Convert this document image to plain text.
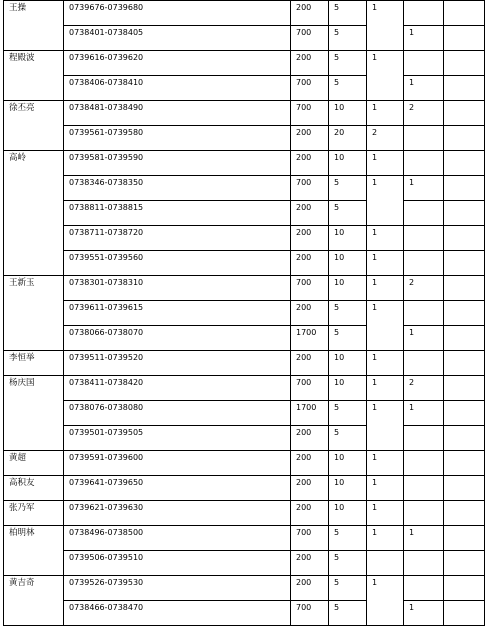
王操	0739676-0739680	200	5	1		
	0738401-0738405	700	5		1	
程殿波	0739616-0739620	200	5	1		
	0738406-0738410	700	5		1	
徐丕亮	0738481-0738490	700	10	1	2	
	0739561-0739580	200	20	2		
高岭	0739581-0739590	200	10	1		
	0738346-0738350	700	5	1	1	
	0738811-0738815	200	5			
	0738711-0738720	200	10	1		
	0739551-0739560	200	10	1		
王新玉	0738301-0738310	700	10	1	2	
	0739611-0739615	200	5	1		
	0738066-0738070	1700	5		1	
李恒举	0739511-0739520	200	10	1		
杨庆国	0738411-0738420	700	10	1	2	
	0738076-0738080	1700	5	1	1	
	0739501-0739505	200	5			
黄超	0739591-0739600	200	10	1		
高积友	0739641-0739650	200	10	1		
张乃军	0739621-0739630	200	10	1		
柏明林	0738496-0738500	700	5	1	1	
	0739506-0739510	200	5			
黄吉奇	0739526-0739530	200	5	1		
	0738466-0738470	700	5		1	
